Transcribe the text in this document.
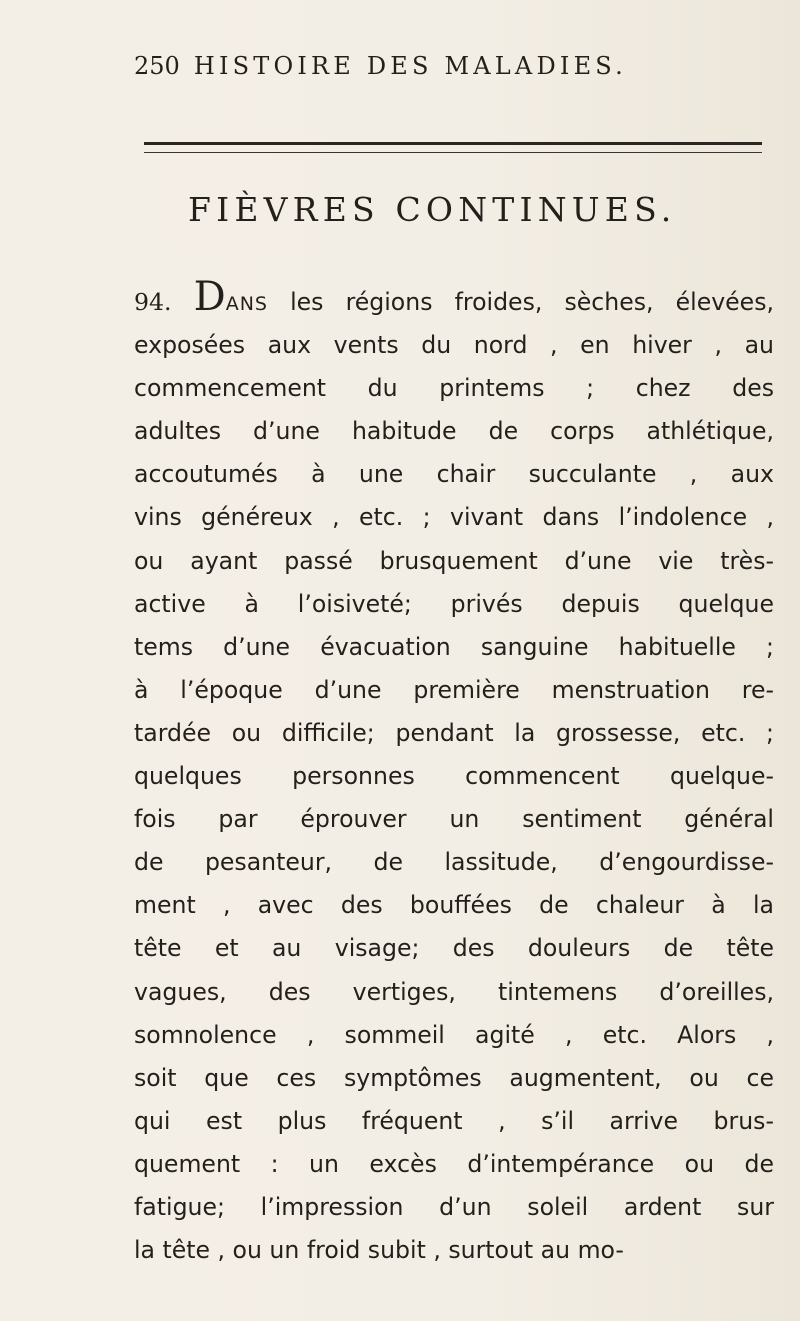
250 HISTOIRE DES MALADIES.
FIÈVRES CONTINUES.
94. DANS les régions froides, sèches, élevées,
exposées aux vents du nord , en hiver , au
commencement du printems ; chez des
adultes d’une habitude de corps athlétique,
accoutumés à une chair succulante , aux
vins généreux , etc. ; vivant dans l’indolence ,
ou ayant passé brusquement d’une vie très-
active à l’oisiveté; privés depuis quelque
tems d’une évacuation sanguine habituelle ;
à l’époque d’une première menstruation re-
tardée ou difficile; pendant la grossesse, etc. ;
quelques personnes commencent quelque-
fois par éprouver un sentiment général
de pesanteur, de lassitude, d’engourdisse-
ment , avec des bouffées de chaleur à la
tête et au visage; des douleurs de tête
vagues, des vertiges, tintemens d’oreilles,
somnolence , sommeil agité , etc. Alors ,
soit que ces symptômes augmentent, ou ce
qui est plus fréquent , s’il arrive brus-
quement : un excès d’intempérance ou de
fatigue; l’impression d’un soleil ardent sur
la tête , ou un froid subit , surtout au mo-
